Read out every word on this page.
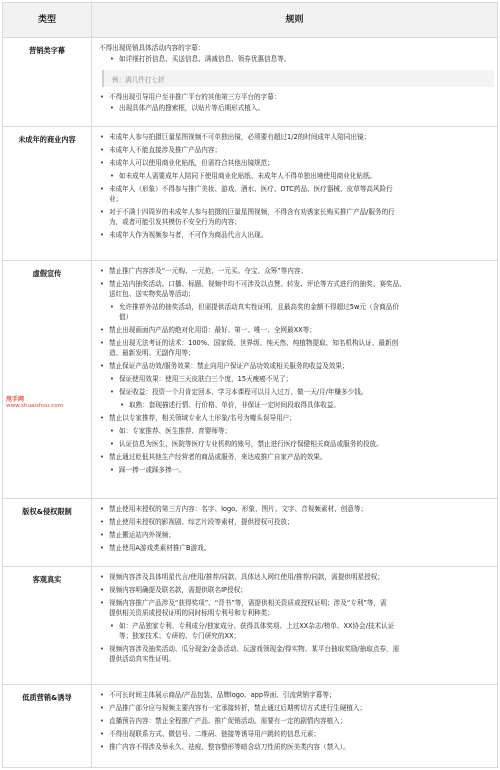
类型	规则
营销类字幕	不得出现促销具体活动内容的字幕：
• 如详细打折信息、买送信息、满减信息、领券优惠信息等。
例：满几件打七折
• 不得出现引导用户至非推广平台的其他第三方平台的字幕：
• 出现具体产品的搜索框，以贴片等后期形式植入。
未成年的商业内容	• 未成年人参与拍摄巨量星图视频不可单独出镜，必须要有超过1/2的时间成年人陪同出镜；
• 未成年人不能直接涉及推广产品内容；
• 未成年人可以使用商业化贴纸，但需符合其他出镜规范；
• 如未成年人需要成年人陪同下使用商业化贴纸、未成年人不得单独出境使用商业化贴纸。
• 未成年人（形象）不得参与推广美妆、游戏、酒水、医疗、OTC药品、医疗器械、皮草等高风险行
业；
• 对于不满十四周岁的未成年人参与拍摄的巨量星图视频，不得含有劝诱家长购买推广产品/服务的行
为，或者可能引发其模仿不安全行为的内容；
• 未成年人作为视频参与者，不可作为商品代言人出现。
虚假宣传	• 禁止推广内容涉及“一元购、一元抢、一元买、夺宝、众筹”等内容；
• 禁止站内抽奖活动。口播、标题、视频中均不可涉及以点赞、转发、评论等方式进行的抽奖、赛奖品、
送红包、送实物奖品等活动；
• 允许推荐外站的抽奖活动，但需提供活动真实性证明，且最高奖的金额不得超过5w元（含商品价
值）
• 禁止出现画面内产品的绝对化用语：最好、第一、唯一、全网最XX等；
• 禁止出现无法考证的话术：100%、国家级、世界级、纯天然、纯植物提取、知名机构认证、最新创
造、最新发明、无副作用等；
• 禁止保证产品功效/服务效果：禁止向用户保证产品功效或相关服务的收益及效果；
• 保证使用效果：使用三天皮肤白三个度，15天瘦癌不见了；
• 保证收益：投资一个月肯定回本、学习本课程可以月入过万、做一天/月/年赚多少钱。
• 取熟：套现描述行情、行价格、单价，非保证一定时间段取得具体收益。
• 禁止以专家推荐，相关领域专业人士形象/名号为噱头误导用户；
• 如：专家推荐、医生推荐、育婴师等；
• 认证信息为医生、医院等医疗专业机构的账号，禁止进行医疗保健相关商品或服务的投放。
• 禁止通过贬低其他生产经营者的商品或服务，来达成推广自家产品的效果。
• 踩一捧一或踩多捧一。
版权&侵权限制	• 禁止使用未授权的第三方内容：名字、logo、形象、图片、文字、音视频素材、创意等；
• 禁止使用未授权的影视剧、综艺片段等素材，提供授权可投放；
• 禁止搬运站内外视频；
• 禁止使用A游戏类素材推广B游戏。
客观真实	• 视频内容涉及具体明星代言/使用/推荐/同款、具体达人网红使用/推荐/同款，需提供明星授权；
• 视频内容明确提及联名款，需提供联名IP授权；
• 视频内容推广产品涉及“获得奖项”、“背书”等，需提供相关资质或授权证明；涉及“专利”等，需
提供相关资质或授权证明的同时标明专利号和专利种类；
• 如：产品独家专利、专利成分/独家成分、获得具体奖项、上过XX杂志/榜单、XX协会/技术认证
等；独家技术；专研的、专门研究的XX；
• 视频内容涉及抽奖活动、瓜分现金/金条活动、玩游戏领现金/得实物、某平台抽取奖励/抽取点券，需
提供活动真实性证明。
低质营销&诱导	• 不可长时间主体展示商品/产品包装、品牌logo、app界面、引流营销字幕等；
• 产品推广部分应与视频主要内容有一定承接转折，禁止通过后期剪切方式进行生硬植入；
• 直播预告内容：禁止全程推广产品、推广促销活动。需要有一定的剧情内容植入；
• 不得出现联系方式、微信号、二维码、链接等诱导用户跳转的信息元素；
• 推广内容不得涉及举永久、祛痘、整容整形等暗含动刀性质的医美类内容（禁入）。
甩手网
www.shuaishou.com
